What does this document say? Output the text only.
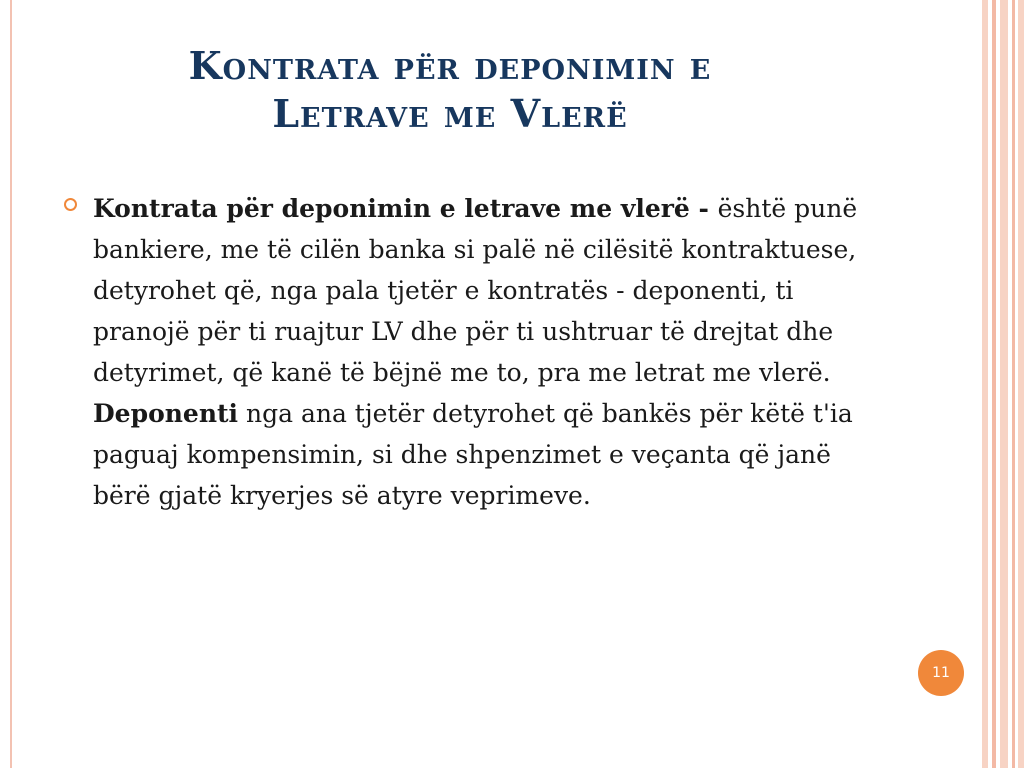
Kontrata për deponimin e
Letrave me Vlerë

Kontrata për deponimin e letrave me vlerë - është punë bankiere, me të cilën banka si palë në cilësitë kontraktuese, detyrohet që, nga pala tjetër e kontratës - deponenti, ti pranojë për ti ruajtur LV dhe për ti ushtruar të drejtat dhe detyrimet, që kanë të bëjnë me to, pra me letrat me vlerë. Deponenti nga ana tjetër detyrohet që bankës për këtë t'ia paguaj kompensimin, si dhe shpenzimet e veçanta që janë bërë gjatë kryerjes së atyre veprimeve.

11
